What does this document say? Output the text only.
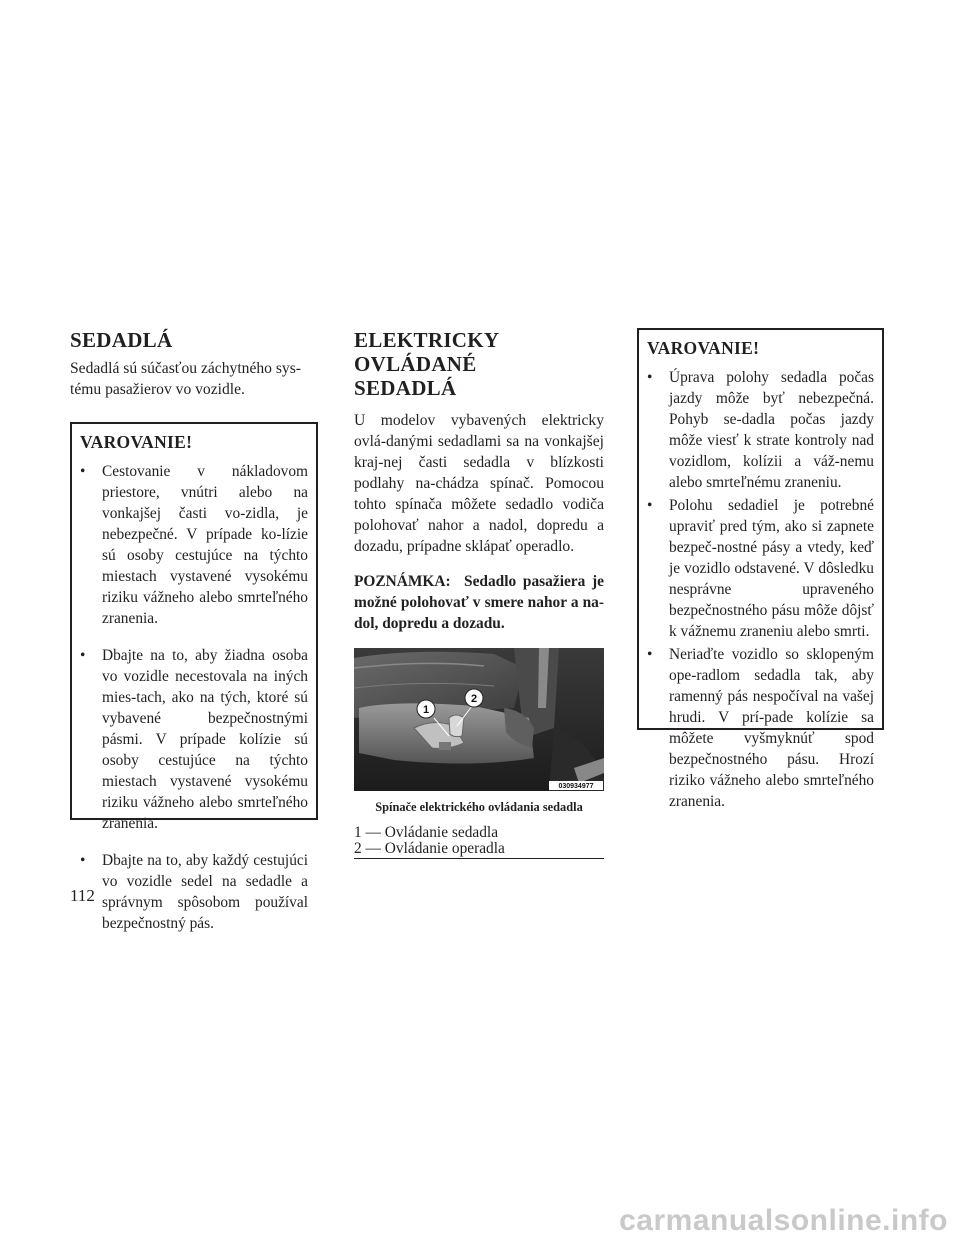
SEDADLÁ

Sedadlá sú súčasťou záchytného sys-
tému pasažierov vo vozidle.

VAROVANIE!
• Cestovanie v nákladovom priestore, vnútri alebo na vonkajšej časti vo-zidla, je nebezpečné. V prípade ko-lízie sú osoby cestujúce na týchto miestach vystavené vysokému riziku vážneho alebo smrteľného zranenia.
• Dbajte na to, aby žiadna osoba vo vozidle necestovala na iných mies-tach, ako na tých, ktoré sú vybavené bezpečnostnými pásmi. V prípade kolízie sú osoby cestujúce na týchto miestach vystavené vysokému riziku vážneho alebo smrteľného zranenia.
• Dbajte na to, aby každý cestujúci vo vozidle sedel na sedadle a správnym spôsobom používal bezpečnostný pás.
ELEKTRICKY OVLÁDANÉ
SEDADLÁ

U modelov vybavených elektricky ovlá-danými sedadlami sa na vonkajšej kraj-nej časti sedadla v blízkosti podlahy na-chádza spínač. Pomocou tohto spínača môžete sedadlo vodiča polohovať nahor a nadol, dopredu a dozadu, prípadne sklápať operadlo.

POZNÁMKA: Sedadlo pasažiera je možné polohovať v smere nahor a na-dol, dopredu a dozadu.

1
2
030934977
Spínače elektrického ovládania sedadla
1 — Ovládanie sedadla
2 — Ovládanie operadla
VAROVANIE!
• Úprava polohy sedadla počas jazdy môže byť nebezpečná. Pohyb se-dadla počas jazdy môže viesť k strate kontroly nad vozidlom, kolízii a váž-nemu alebo smrteľnému zraneniu.
• Polohu sedadiel je potrebné upraviť pred tým, ako si zapnete bezpeč-nostné pásy a vtedy, keď je vozidlo odstavené. V dôsledku nesprávne upraveného bezpečnostného pásu môže dôjsť k vážnemu zraneniu alebo smrti.
• Neriaďte vozidlo so sklopeným ope-radlom sedadla tak, aby ramenný pás nespočíval na vašej hrudi. V prí-pade kolízie sa môžete vyšmyknúť spod bezpečnostného pásu. Hrozí riziko vážneho alebo smrteľného zranenia.
112
carmanualsonline.info
